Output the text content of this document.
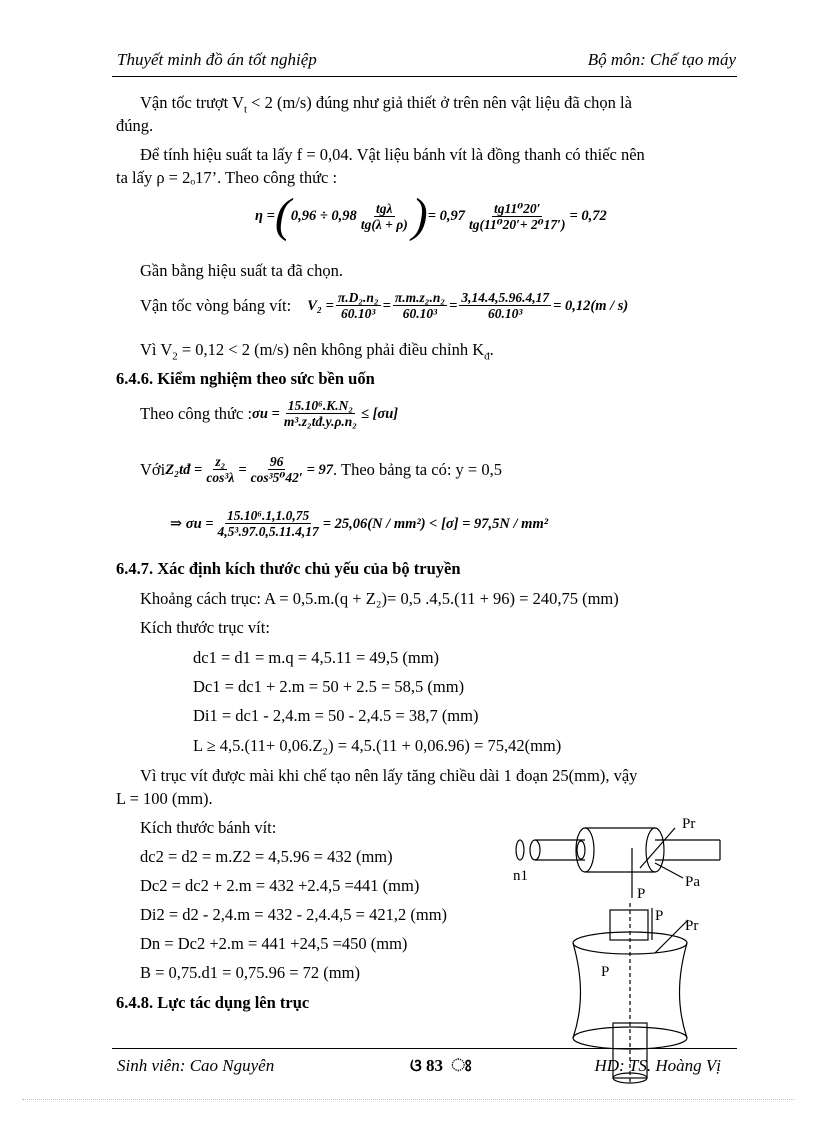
Thuyết minh đồ án tốt nghiệp	Bộ môn: Chế tạo máy
Vận tốc trượt $V_t < 2$ (m/s) đúng như giả thiết ở trên nên vật liệu đã chọn là
đúng.
Để tính hiệu suất ta lấy f = 0,04. Vật liệu bánh vít là đồng thanh có thiếc nên
ta lấy ρ = 2ₒ17’. Theo công thức :
η = ( $0,96 \div 0,98 \frac{\text{tgλ}}{tg(\lambda + \rho)}$ ) = $0,97 \frac{\text{tg11⁰20′}}{\text{tg(11⁰20′+ 2⁰17′)}} = 0,72$
Gần bằng hiệu suất ta đã chọn.
Vận tốc vòng báng vít: $V_2 = \frac{\text{π.D₂.n₂}}{\text{60.10³}} = \frac{\text{π.m.z₂.n₂}}{\text{60.10³}} = \frac{3,14.4,5.96.4,17}{\text{60.10³}} = 0,12(m / s)$
Vì $V_2 = 0,12 < 2$ (m/s) nên không phải điều chỉnh $K_đ$.
6.4.6. Kiểm nghiệm theo sức bền uốn
Theo công thức : $\sigma u = \frac{\text{15.10⁶.K.N₂}}{\text{m³.z₂tđ.y.ρ.n₂}} \le [\sigma u]$
Với Z₂tđ = $\frac{\text{z₂}}{\text{cos³λ}} = \frac{96}{\text{cos³5⁰42′}} = 97$ . Theo bảng ta có: y = 0,5
⇒ $\sigma u = \frac{\text{15.10⁶.1,1.0,75}}{\text{4,5³.97.0,5.11.4,17}} = 25,06(N / mm^2) < [\sigma] = 97,5N / mm^2$
6.4.7. Xác định kích thước chủ yếu của bộ truyền
Khoảng cách trục: A = 0,5.m.(q + Z₂)= 0,5 .4,5.(11 + 96) = 240,75 (mm)
Kích thước trục vít:
dc1 = d1 = m.q = 4,5.11 = 49,5 (mm)
Dc1 = dc1 + 2.m = 50 + 2.5 = 58,5 (mm)
Di1 = dc1 - 2,4.m = 50 - 2,4.5 = 38,7 (mm)
L ≥ 4,5.(11+ 0,06.Z₂) = 4,5.(11 + 0,06.96) = 75,42(mm)
Vì trục vít được mài khi chế tạo nên lấy tăng chiều dài 1 đoạn 25(mm), vậy
L = 100 (mm).
Kích thước bánh vít:
dc2 = d2 = m.Z2 = 4,5.96 = 432 (mm)
Dc2 = dc2 + 2.m = 432 +2.4,5 =441 (mm)
Di2 = d2 - 2,4.m = 432 - 2,4.4,5 = 421,2 (mm)
Dn = Dc2 +2.m = 441 +24,5 =450 (mm)
B = 0,75.d1 = 0,75.96 = 72 (mm)
6.4.8. Lực tác dụng lên trục
Pr
n1	Pa
P
P
Pr
P
Sinh viên: Cao Nguyên	ଓ 83 ଃ	HD: TS. Hoàng Vị
